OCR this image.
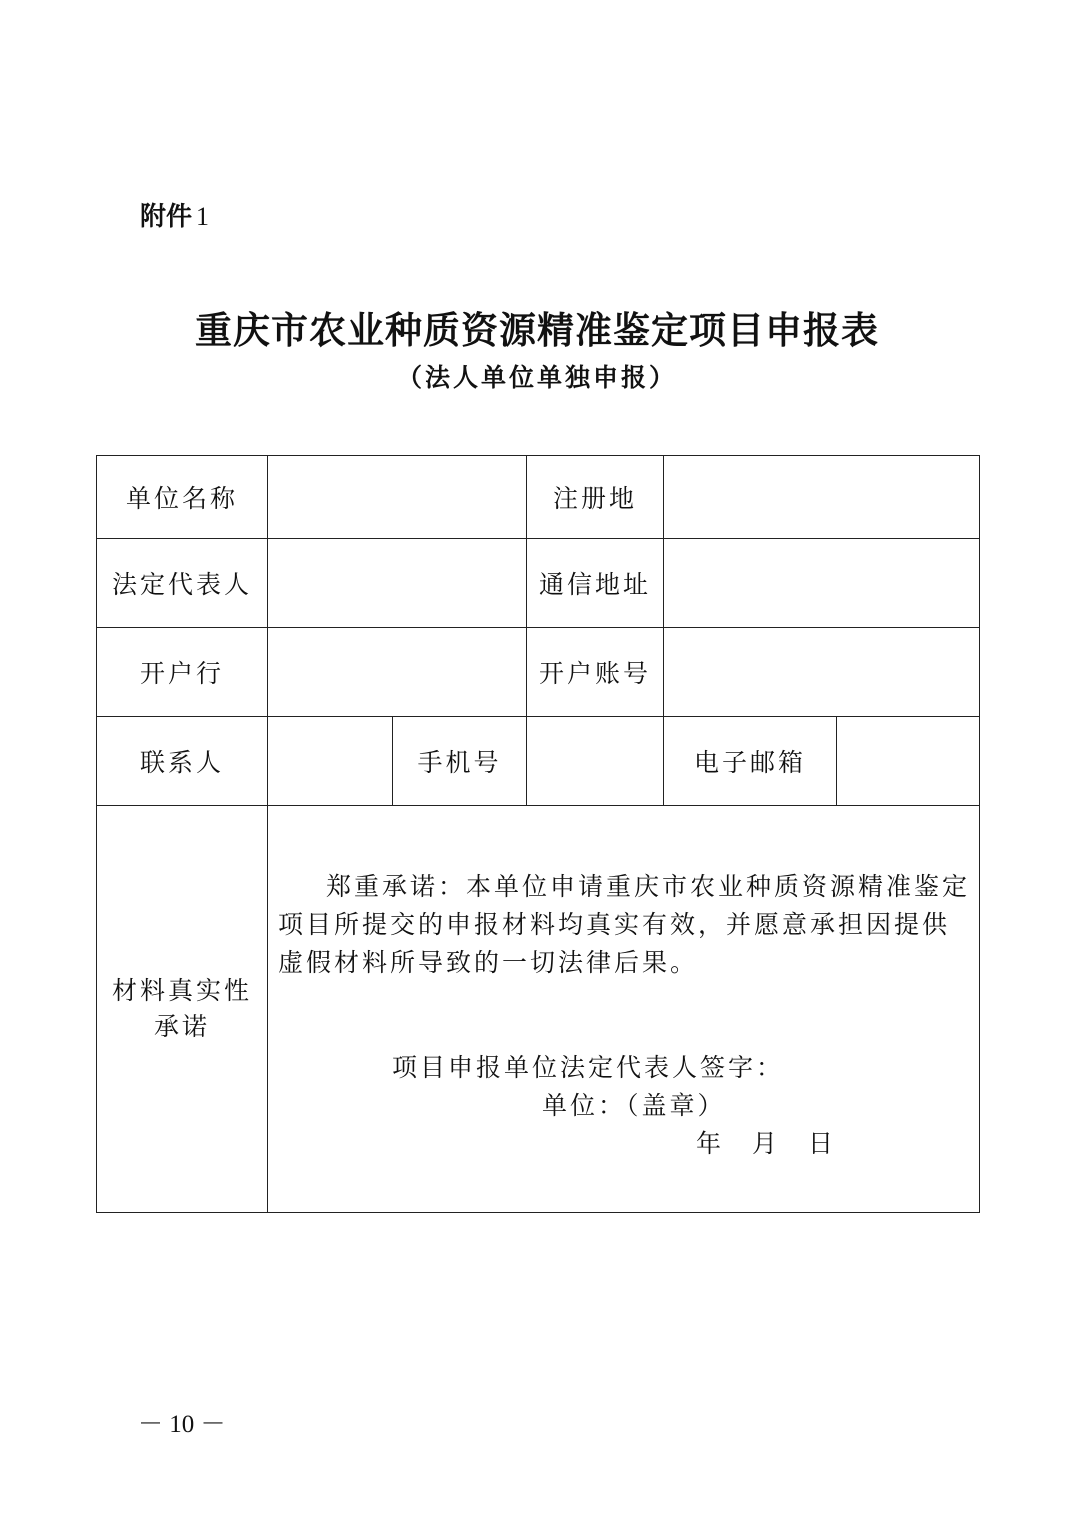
附件 1
重庆市农业种质资源精准鉴定项目申报表
（法人单位单独申报）
单位名称			注册地		
法定代表人			通信地址		
开户行			开户账号		
联系人		手机号		电子邮箱	
材料真实性承诺	郑重承诺：本单位申请重庆市农业种质资源精准鉴定项目所提交的申报材料均真实有效，并愿意承担因提供虚假材料所导致的一切法律后果。
项目申报单位法定代表人签字：
单位：（盖章）
年 月 日				
－ 10 －
